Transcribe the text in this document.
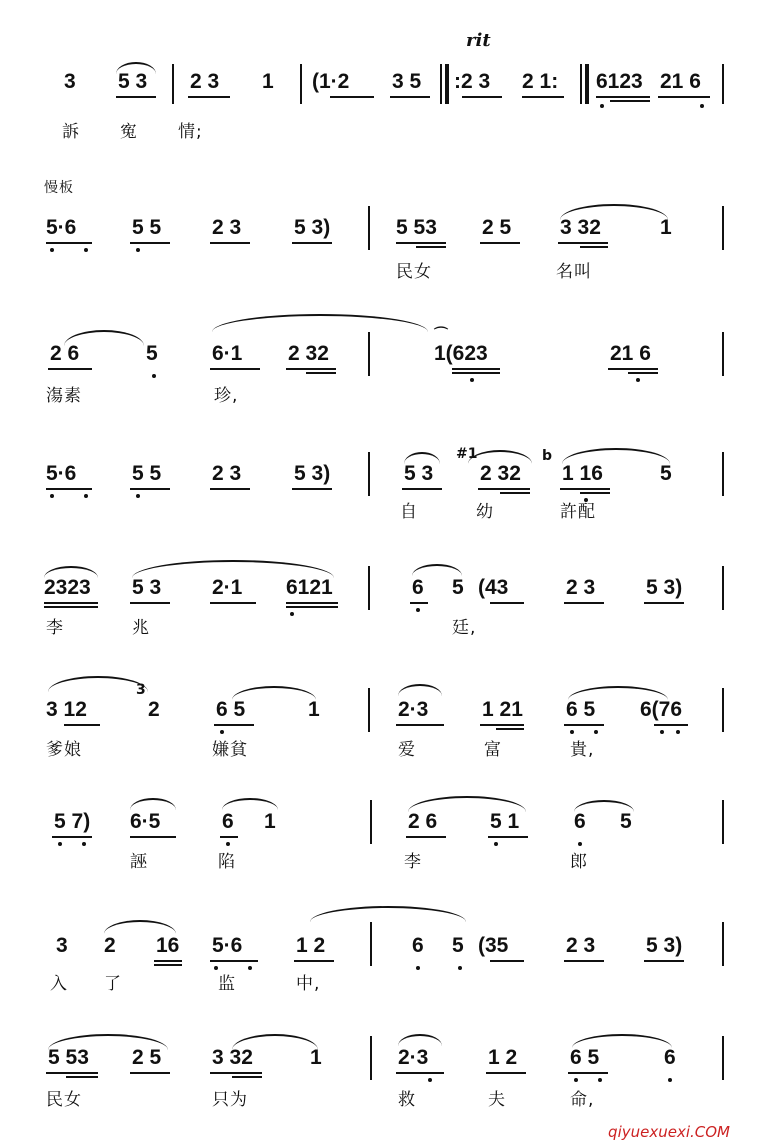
rit
慢板
3 5 3 2 3 1 (1·2 3 5 :2 3 2 1: 6123 21 6
訴 寃 情;
5·6	5 5 2 3	5 3)	5 53 2 5 3 32	1
民女	名叫
2 6	5	6·1 2 32	1(623
⌒
21 6
漡素	珍,
5·6	5 5 2 3	5 3)	5 3
#1
2 32
b
1 16	5
自	幼	許配
2323 5 3 2·1 6121	6 5 (43	2 3 5 3)
李	兆	廷,
3 12
3
2	6 5	1	2·3	1 21 6 5 6(76
爹娘	嫌貧	爱	富	貴,
5 7) 6·5	6 1	2 6	5 1	6 5
誣	陷	李	郎
3 2 16 5·6	1 2	6 5 (35	2 3 5 3)
入 了	监	中,
5 53 2 5 3 32	1	2·3	1 2	6 5	6
民女	只为	救	夫	命,
qiyuexuexi.COM
